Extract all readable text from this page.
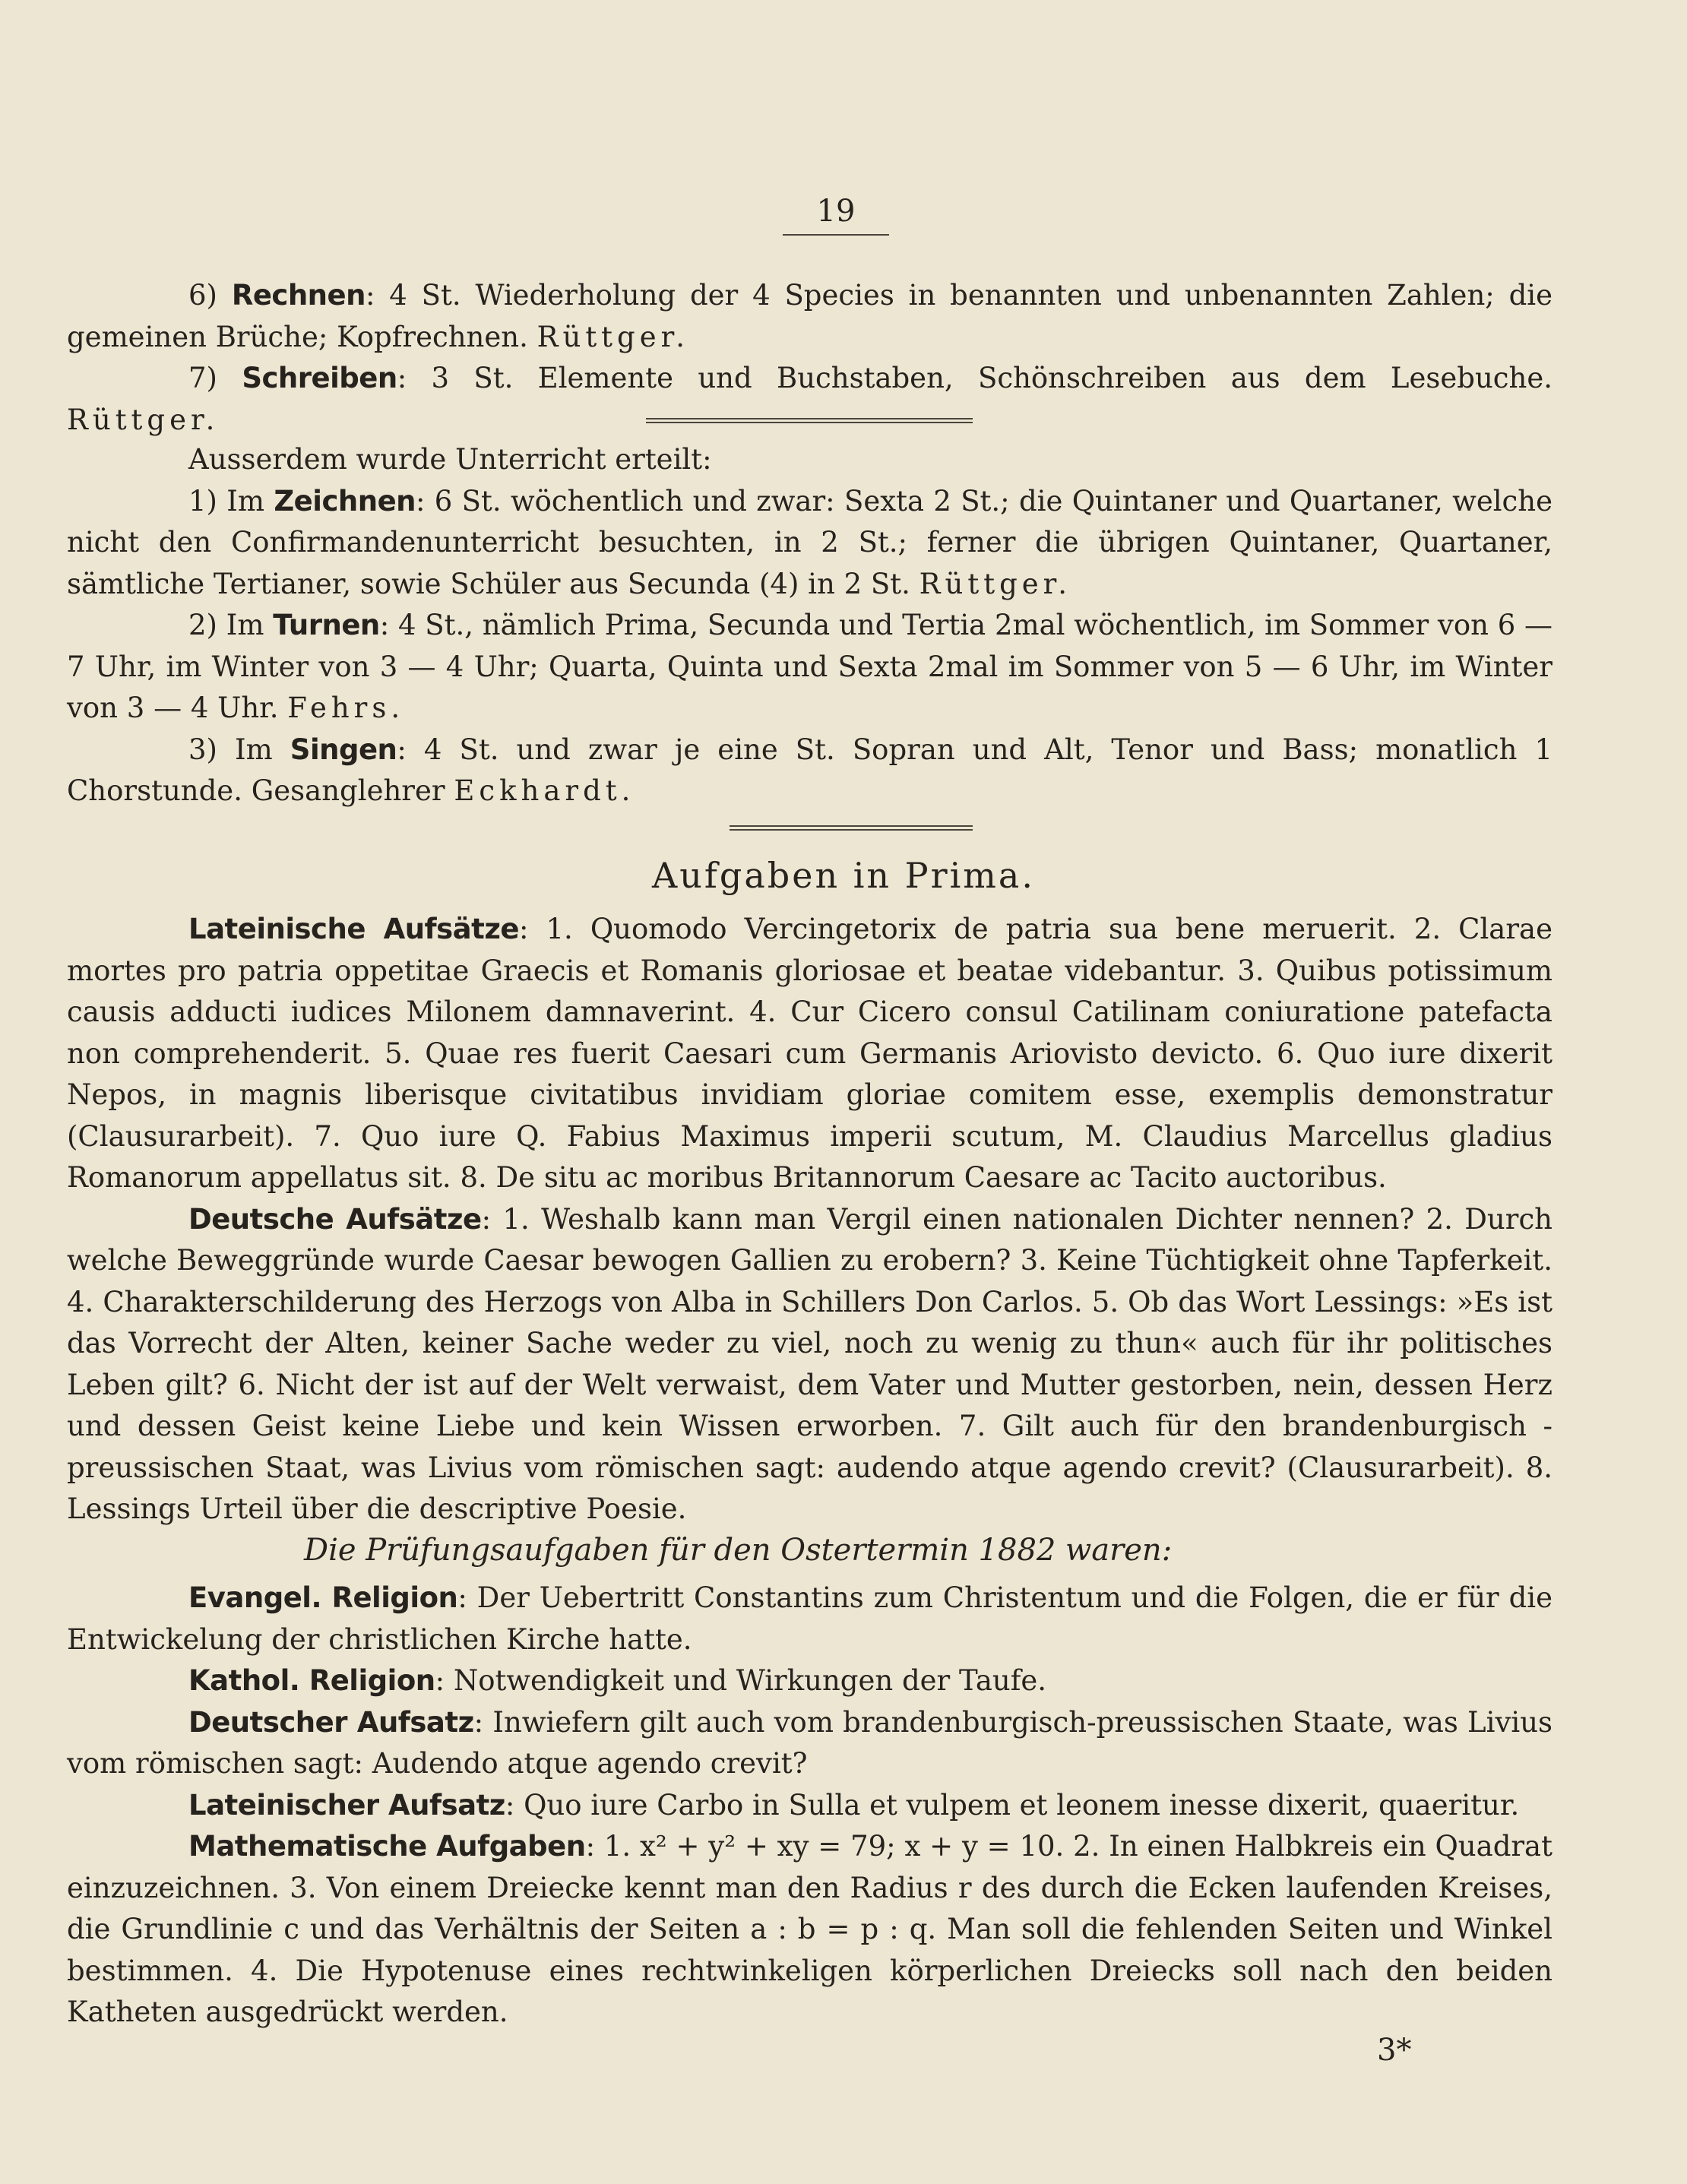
19

6) Rechnen: 4 St. Wiederholung der 4 Species in benannten und unbenannten Zahlen; die gemeinen Brüche; Kopfrechnen. Rüttger.

7) Schreiben: 3 St. Elemente und Buchstaben, Schönschreiben aus dem Lesebuche. Rüttger.

Ausserdem wurde Unterricht erteilt:

1) Im Zeichnen: 6 St. wöchentlich und zwar: Sexta 2 St.; die Quintaner und Quartaner, welche nicht den Confirmandenunterricht besuchten, in 2 St.; ferner die übrigen Quintaner, Quartaner, sämtliche Tertianer, sowie Schüler aus Secunda (4) in 2 St. Rüttger.

2) Im Turnen: 4 St., nämlich Prima, Secunda und Tertia 2mal wöchentlich, im Sommer von 6 — 7 Uhr, im Winter von 3 — 4 Uhr; Quarta, Quinta und Sexta 2mal im Sommer von 5 — 6 Uhr, im Winter von 3 — 4 Uhr. Fehrs.

3) Im Singen: 4 St. und zwar je eine St. Sopran und Alt, Tenor und Bass; monatlich 1 Chorstunde. Gesanglehrer Eckhardt.

Aufgaben in Prima.

Lateinische Aufsätze: 1. Quomodo Vercingetorix de patria sua bene meruerit. 2. Clarae mortes pro patria oppetitae Graecis et Romanis gloriosae et beatae videbantur. 3. Quibus potissimum causis adducti iudices Milonem damnaverint. 4. Cur Cicero consul Catilinam coniuratione patefacta non comprehenderit. 5. Quae res fuerit Caesari cum Germanis Ariovisto devicto. 6. Quo iure dixerit Nepos, in magnis liberisque civitatibus invidiam gloriae comitem esse, exemplis demonstratur (Clausurarbeit). 7. Quo iure Q. Fabius Maximus imperii scutum, M. Claudius Marcellus gladius Romanorum appellatus sit. 8. De situ ac moribus Britannorum Caesare ac Tacito auctoribus.

Deutsche Aufsätze: 1. Weshalb kann man Vergil einen nationalen Dichter nennen? 2. Durch welche Beweggründe wurde Caesar bewogen Gallien zu erobern? 3. Keine Tüchtigkeit ohne Tapferkeit. 4. Charakterschilderung des Herzogs von Alba in Schillers Don Carlos. 5. Ob das Wort Lessings: »Es ist das Vorrecht der Alten, keiner Sache weder zu viel, noch zu wenig zu thun« auch für ihr politisches Leben gilt? 6. Nicht der ist auf der Welt verwaist, dem Vater und Mutter gestorben, nein, dessen Herz und dessen Geist keine Liebe und kein Wissen erworben. 7. Gilt auch für den brandenburgisch - preussischen Staat, was Livius vom römischen sagt: audendo atque agendo crevit? (Clausurarbeit). 8. Lessings Urteil über die descriptive Poesie.

Die Prüfungsaufgaben für den Ostertermin 1882 waren:

Evangel. Religion: Der Uebertritt Constantins zum Christentum und die Folgen, die er für die Entwickelung der christlichen Kirche hatte.

Kathol. Religion: Notwendigkeit und Wirkungen der Taufe.

Deutscher Aufsatz: Inwiefern gilt auch vom brandenburgisch-preussischen Staate, was Livius vom römischen sagt: Audendo atque agendo crevit?

Lateinischer Aufsatz: Quo iure Carbo in Sulla et vulpem et leonem inesse dixerit, quaeritur.

Mathematische Aufgaben: 1. x² + y² + xy = 79; x + y = 10. 2. In einen Halbkreis ein Quadrat einzuzeichnen. 3. Von einem Dreiecke kennt man den Radius r des durch die Ecken laufenden Kreises, die Grundlinie c und das Verhältnis der Seiten a : b = p : q. Man soll die fehlenden Seiten und Winkel bestimmen. 4. Die Hypotenuse eines rechtwinkeligen körperlichen Dreiecks soll nach den beiden Katheten ausgedrückt werden.

3*
